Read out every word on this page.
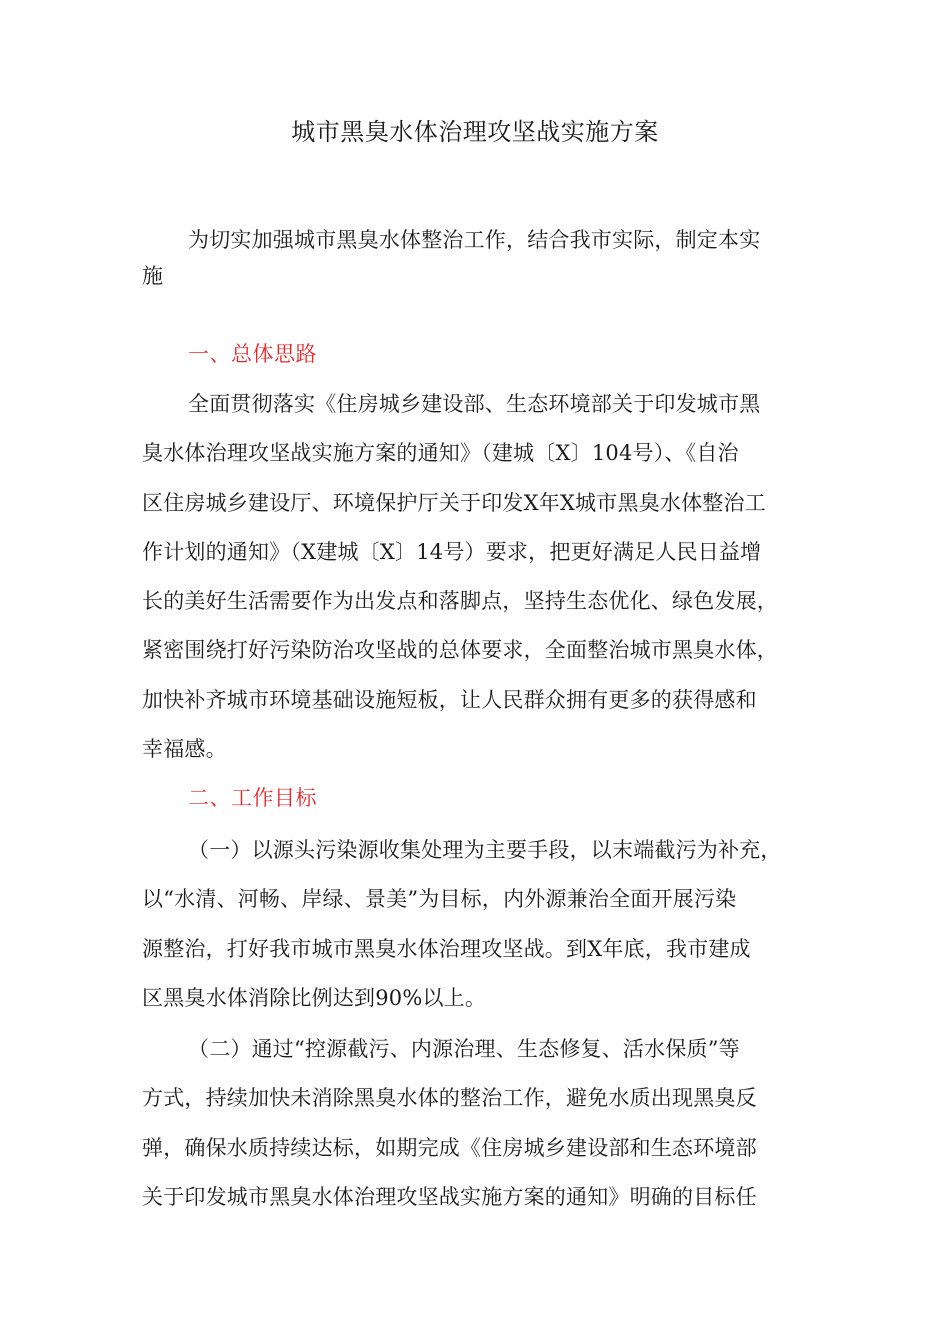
城市黑臭水体治理攻坚战实施方案

为切实加强城市黑臭水体整治工作，结合我市实际，制定本实
施

一、总体思路

全面贯彻落实《住房城乡建设部、生态环境部关于印发城市黑
臭水体治理攻坚战实施方案的通知》（建城〔X〕104号）、《自治
区住房城乡建设厅、环境保护厅关于印发X年X城市黑臭水体整治工
作计划的通知》（X建城〔X〕14号）要求，把更好满足人民日益增
长的美好生活需要作为出发点和落脚点，坚持生态优化、绿色发展，
紧密围绕打好污染防治攻坚战的总体要求，全面整治城市黑臭水体，
加快补齐城市环境基础设施短板，让人民群众拥有更多的获得感和
幸福感。

二、工作目标

（一）以源头污染源收集处理为主要手段，以末端截污为补充，
以“水清、河畅、岸绿、景美”为目标，内外源兼治全面开展污染
源整治，打好我市城市黑臭水体治理攻坚战。到X年底，我市建成
区黑臭水体消除比例达到90%以上。

（二）通过“控源截污、内源治理、生态修复、活水保质”等
方式，持续加快未消除黑臭水体的整治工作，避免水质出现黑臭反
弹，确保水质持续达标，如期完成《住房城乡建设部和生态环境部
关于印发城市黑臭水体治理攻坚战实施方案的通知》明确的目标任
